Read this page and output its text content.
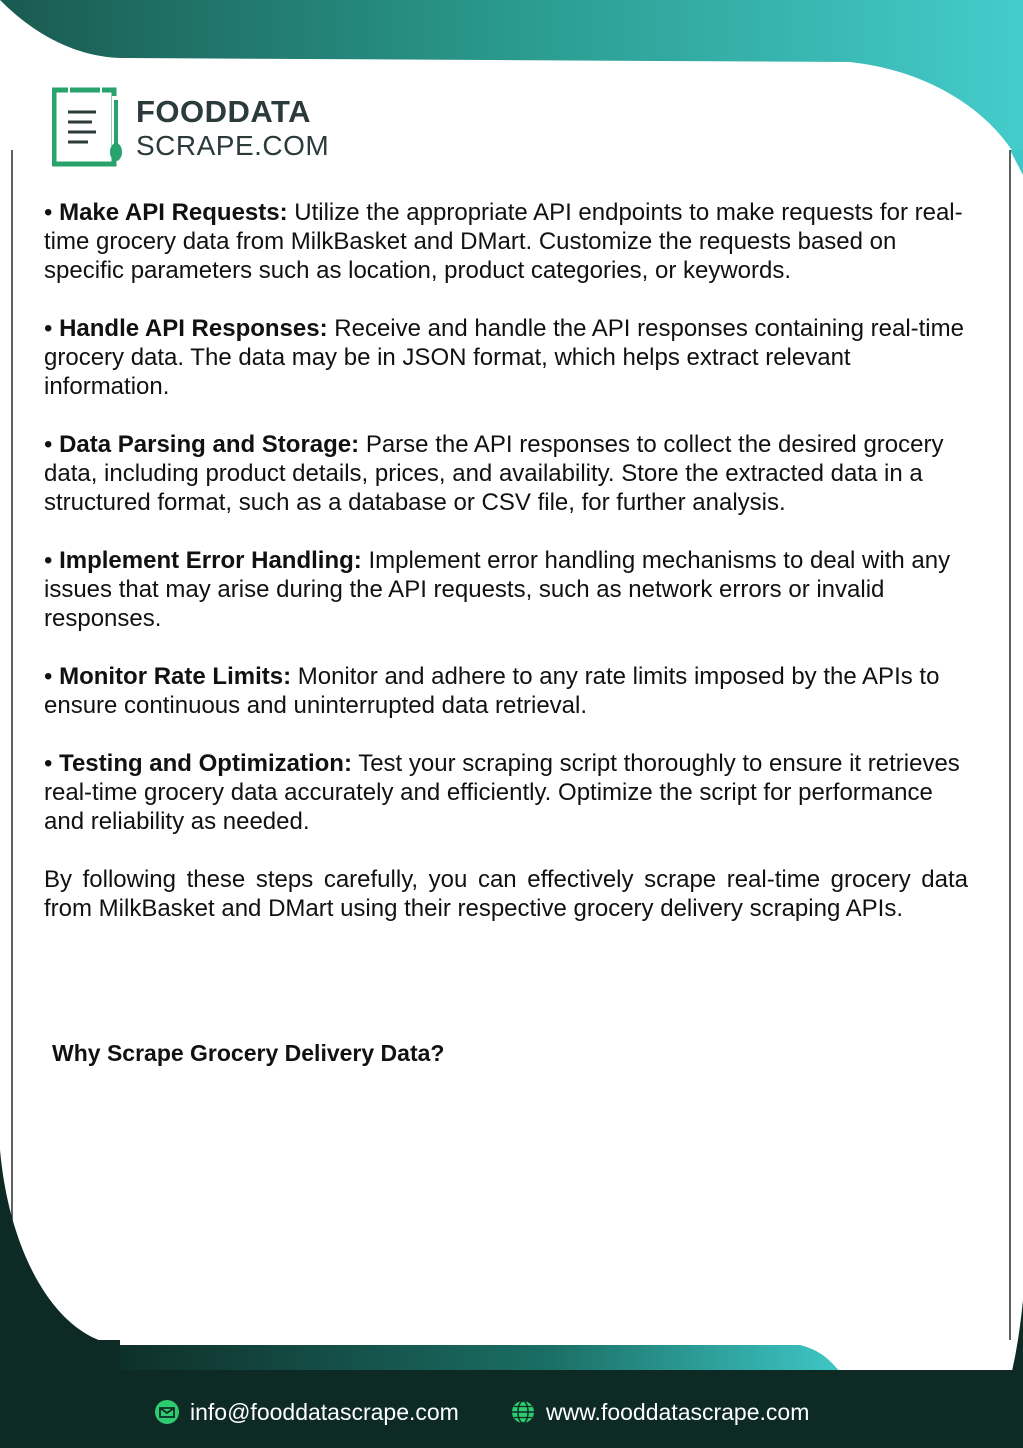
FOODDATA
SCRAPE.COM

• Make API Requests: Utilize the appropriate API endpoints to make requests for real-time grocery data from MilkBasket and DMart. Customize the requests based on specific parameters such as location, product categories, or keywords.

• Handle API Responses: Receive and handle the API responses containing real-time grocery data. The data may be in JSON format, which helps extract relevant information.

• Data Parsing and Storage: Parse the API responses to collect the desired grocery data, including product details, prices, and availability. Store the extracted data in a structured format, such as a database or CSV file, for further analysis.

• Implement Error Handling: Implement error handling mechanisms to deal with any issues that may arise during the API requests, such as network errors or invalid responses.

• Monitor Rate Limits: Monitor and adhere to any rate limits imposed by the APIs to ensure continuous and uninterrupted data retrieval.

• Testing and Optimization: Test your scraping script thoroughly to ensure it retrieves real-time grocery data accurately and efficiently. Optimize the script for performance and reliability as needed.

By following these steps carefully, you can effectively scrape real-time grocery data from MilkBasket and DMart using their respective grocery delivery scraping APIs.

Why Scrape Grocery Delivery Data?
info@fooddatascrape.com	www.fooddatascrape.com
